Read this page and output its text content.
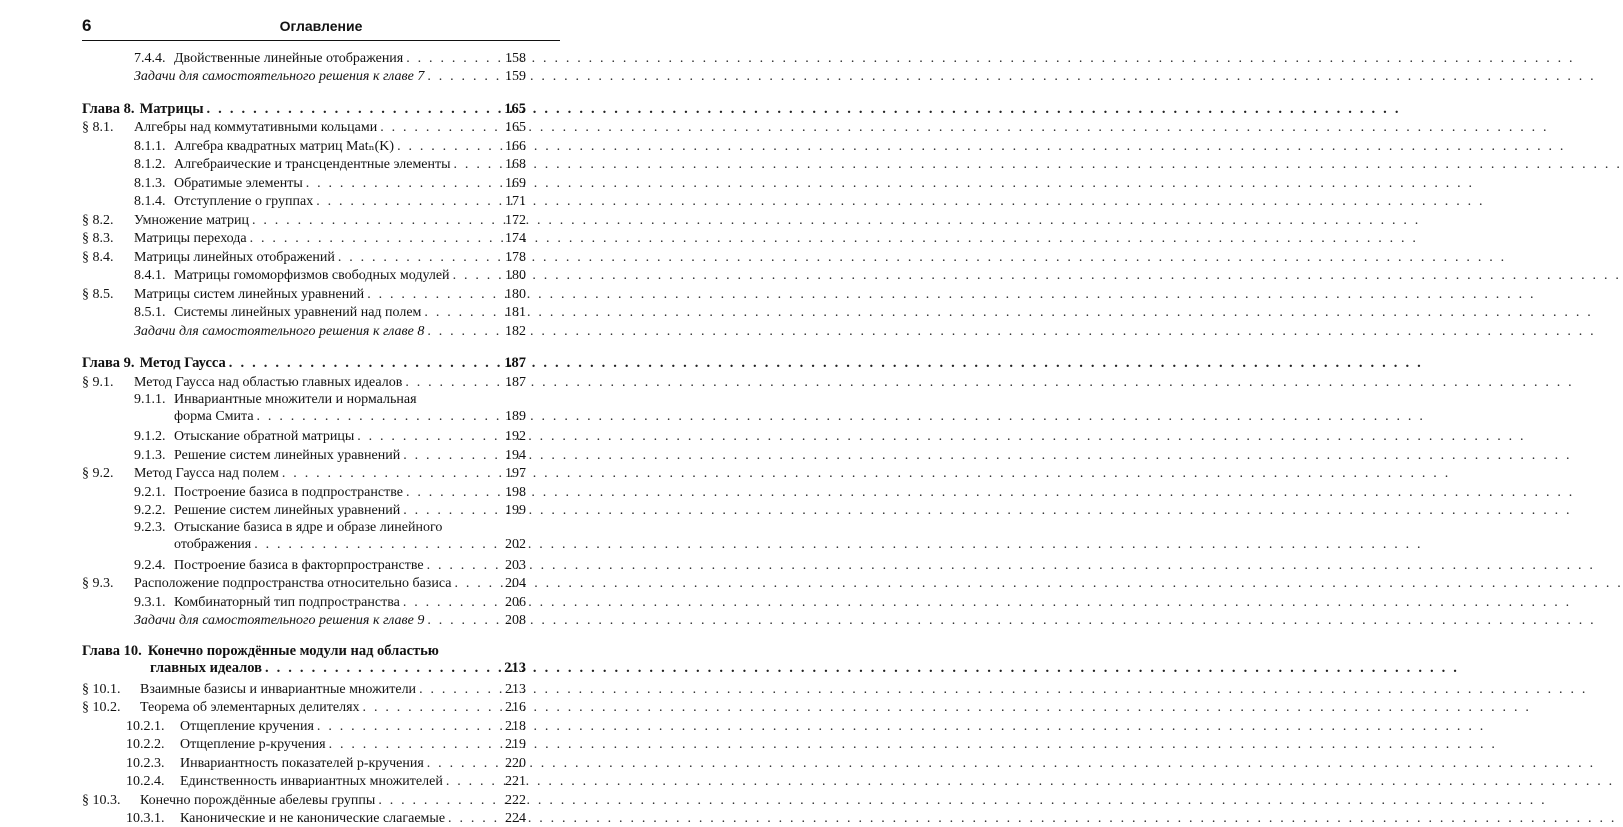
6	Оглавление
7.4.4. Двойственные линейные отображения . . .	158
Задачи для самостоятельного решения к главе 7 . . .	159
Глава 8. Матрицы . . .	165
§ 8.1.	Алгебры над коммутативными кольцами . . .	165
8.1.1. Алгебра квадратных матриц Matₙ(K) . . .	166
8.1.2. Алгебраические и трансцендентные элементы . . .	168
8.1.3. Обратимые элементы . . .	169
8.1.4. Отступление о группах . . .	171
§ 8.2.	Умножение матриц . . .	172
§ 8.3.	Матрицы перехода . . .	174
§ 8.4.	Матрицы линейных отображений . . .	178
8.4.1. Матрицы гомоморфизмов свободных модулей . . .	180
§ 8.5.	Матрицы систем линейных уравнений . . .	180
8.5.1. Системы линейных уравнений над полем . . .	181
Задачи для самостоятельного решения к главе 8 . . .	182
Глава 9. Метод Гаусса . . .	187
§ 9.1.	Метод Гаусса над областью главных идеалов . . .	187
9.1.1. Инвариантные множители и нормальная
форма Смита . . .	189
9.1.2. Отыскание обратной матрицы . . .	192
9.1.3. Решение систем линейных уравнений . . .	194
§ 9.2.	Метод Гаусса над полем . . .	197
9.2.1. Построение базиса в подпространстве . . .	198
9.2.2. Решение систем линейных уравнений . . .	199
9.2.3. Отыскание базиса в ядре и образе линейного
отображения . . .	202
9.2.4. Построение базиса в факторпространстве . . .	203
§ 9.3.	Расположение подпространства относительно базиса . . .	204
9.3.1. Комбинаторный тип подпространства . . .	206
Задачи для самостоятельного решения к главе 9 . . .	208
Глава 10. Конечно порождённые модули над областью
главных идеалов . . .	213
§ 10.1.	Взаимные базисы и инвариантные множители . . .	213
§ 10.2.	Теорема об элементарных делителях . . .	216
10.2.1.	Отщепление кручения . . .	218
10.2.2.	Отщепление p-кручения . . .	219
10.2.3.	Инвариантность показателей p-кручения . . .	220
10.2.4.	Единственность инвариантных множителей . . .	221
§ 10.3.	Конечно порождённые абелевы группы . . .	222
10.3.1.	Канонические и не канонические слагаемые . . .	224
